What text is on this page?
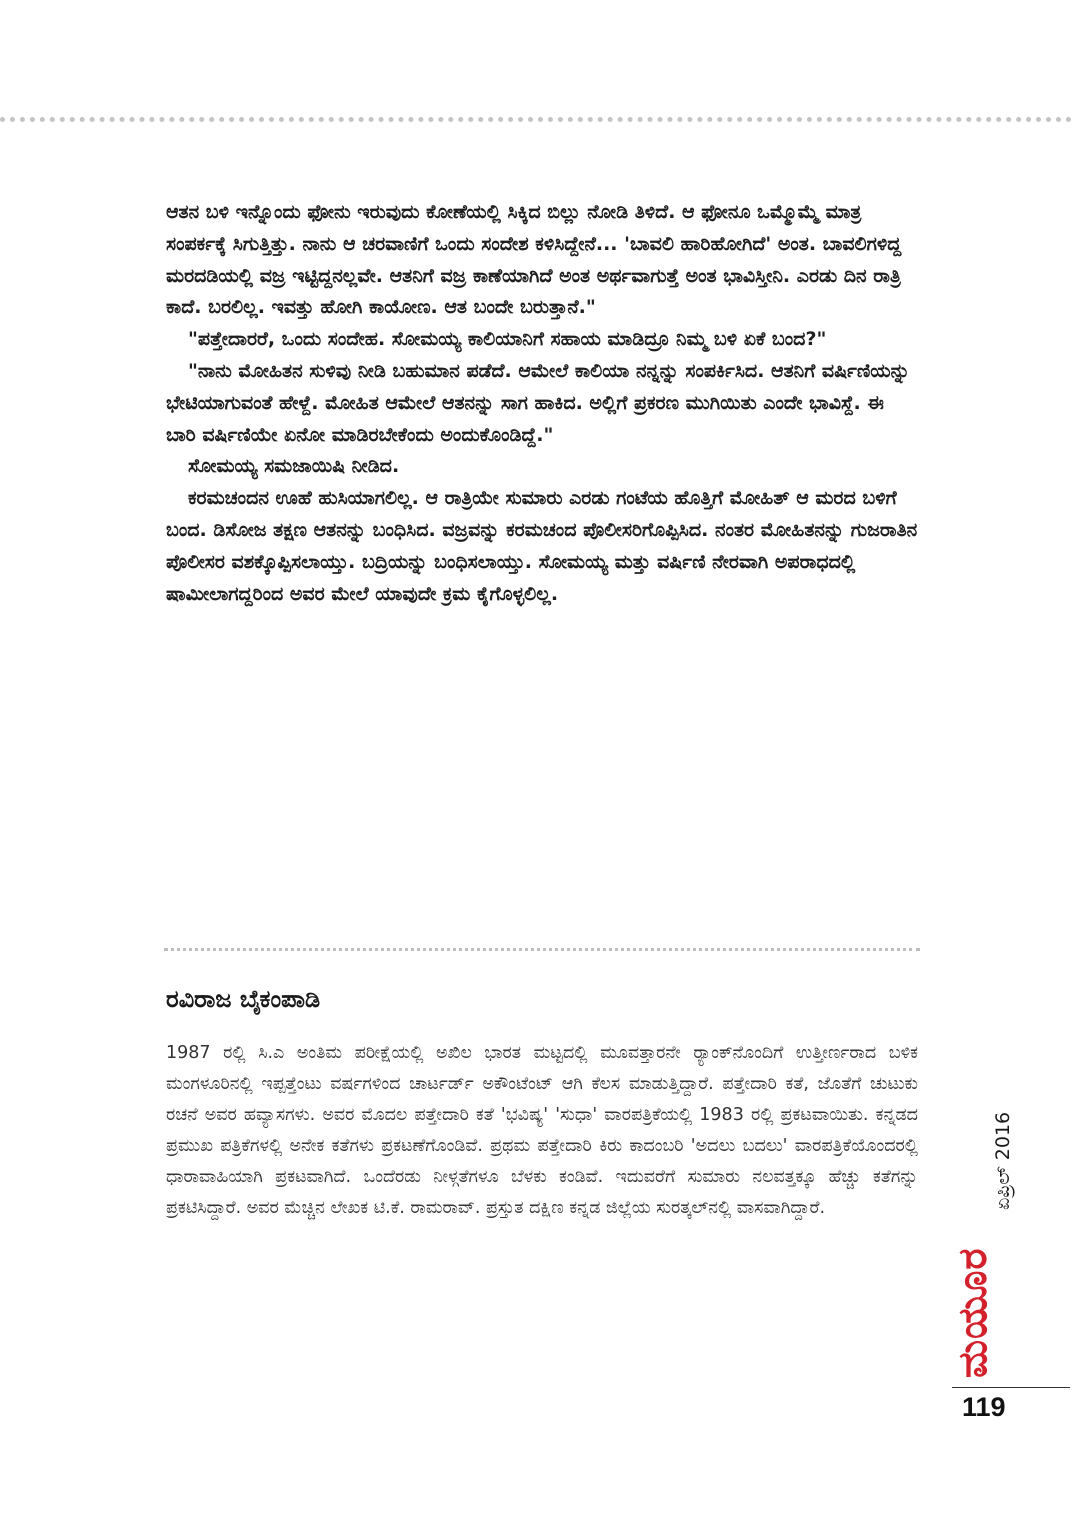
ಆತನ ಬಳಿ ಇನ್ನೊಂದು ಫೋನು ಇರುವುದು ಕೋಣೆಯಲ್ಲಿ ಸಿಕ್ಕಿದ ಬಿಲ್ಲು ನೋಡಿ ತಿಳಿದೆ. ಆ ಫೋನೂ ಒಮ್ಮೊಮ್ಮೆ ಮಾತ್ರ ಸಂಪರ್ಕಕ್ಕೆ ಸಿಗುತ್ತಿತ್ತು. ನಾನು ಆ ಚರವಾಣಿಗೆ ಒಂದು ಸಂದೇಶ ಕಳಿಸಿದ್ದೇನೆ... 'ಬಾವಲಿ ಹಾರಿಹೋಗಿದೆ' ಅಂತ. ಬಾವಲಿಗಳಿದ್ದ ಮರದಡಿಯಲ್ಲಿ ವಜ್ರ ಇಟ್ಟಿದ್ದನಲ್ಲವೇ. ಆತನಿಗೆ ವಜ್ರ ಕಾಣೆಯಾಗಿದೆ ಅಂತ ಅರ್ಥವಾಗುತ್ತೆ ಅಂತ ಭಾವಿಸ್ತೀನಿ. ಎರಡು ದಿನ ರಾತ್ರಿ ಕಾದೆ. ಬರಲಿಲ್ಲ. ಇವತ್ತು ಹೋಗಿ ಕಾಯೋಣ. ಆತ ಬಂದೇ ಬರುತ್ತಾನೆ."

"ಪತ್ತೇದಾರರೆ, ಒಂದು ಸಂದೇಹ. ಸೋಮಯ್ಯ ಕಾಲಿಯಾನಿಗೆ ಸಹಾಯ ಮಾಡಿದ್ರೂ ನಿಮ್ಮ ಬಳಿ ಏಕೆ ಬಂದ?"

"ನಾನು ಮೋಹಿತನ ಸುಳಿವು ನೀಡಿ ಬಹುಮಾನ ಪಡೆದೆ. ಆಮೇಲೆ ಕಾಲಿಯಾ ನನ್ನನ್ನು ಸಂಪರ್ಕಿಸಿದ. ಆತನಿಗೆ ವರ್ಷಿಣಿಯನ್ನು ಭೇಟಿಯಾಗುವಂತೆ ಹೇಳ್ದೆ. ಮೋಹಿತ ಆಮೇಲೆ ಆತನನ್ನು ಸಾಗ ಹಾಕಿದ. ಅಲ್ಲಿಗೆ ಪ್ರಕರಣ ಮುಗಿಯಿತು ಎಂದೇ ಭಾವಿಸ್ದೆ. ಈ ಬಾರಿ ವರ್ಷಿಣಿಯೇ ಏನೋ ಮಾಡಿರಬೇಕೆಂದು ಅಂದುಕೊಂಡಿದ್ದೆ."

ಸೋಮಯ್ಯ ಸಮಜಾಯಿಷಿ ನೀಡಿದ.

ಕರಮಚಂದನ ಊಹೆ ಹುಸಿಯಾಗಲಿಲ್ಲ. ಆ ರಾತ್ರಿಯೇ ಸುಮಾರು ಎರಡು ಗಂಟೆಯ ಹೊತ್ತಿಗೆ ಮೋಹಿತ್ ಆ ಮರದ ಬಳಿಗೆ ಬಂದ. ಡಿಸೋಜ ತಕ್ಷಣ ಆತನನ್ನು ಬಂಧಿಸಿದ. ವಜ್ರವನ್ನು ಕರಮಚಂದ ಪೊಲೀಸರಿಗೊಪ್ಪಿಸಿದ. ನಂತರ ಮೋಹಿತನನ್ನು ಗುಜರಾತಿನ ಪೊಲೀಸರ ವಶಕ್ಕೊಪ್ಪಿಸಲಾಯ್ತು. ಬದ್ರಿಯನ್ನು ಬಂಧಿಸಲಾಯ್ತು. ಸೋಮಯ್ಯ ಮತ್ತು ವರ್ಷಿಣಿ ನೇರವಾಗಿ ಅಪರಾಧದಲ್ಲಿ ಷಾಮೀಲಾಗದ್ದರಿಂದ ಅವರ ಮೇಲೆ ಯಾವುದೇ ಕ್ರಮ ಕೈಗೊಳ್ಳಲಿಲ್ಲ.

ರವಿರಾಜ ಬೈಕಂಪಾಡಿ

1987 ರಲ್ಲಿ ಸಿ.ಎ ಅಂತಿಮ ಪರೀಕ್ಷೆಯಲ್ಲಿ ಅಖಿಲ ಭಾರತ ಮಟ್ಟದಲ್ಲಿ ಮೂವತ್ತಾರನೇ ರ್‍ಯಾಂಕ್‌ನೊಂದಿಗೆ ಉತ್ತೀರ್ಣರಾದ ಬಳಿಕ ಮಂಗಳೂರಿನಲ್ಲಿ ಇಪ್ಪತ್ತೆಂಟು ವರ್ಷಗಳಿಂದ ಚಾರ್ಟರ್ಡ್ ಅಕೌಂಟೆಂಟ್ ಆಗಿ ಕೆಲಸ ಮಾಡುತ್ತಿದ್ದಾರೆ. ಪತ್ತೇದಾರಿ ಕತೆ, ಜೊತೆಗೆ ಚುಟುಕು ರಚನೆ ಅವರ ಹವ್ಯಾಸಗಳು. ಅವರ ಮೊದಲ ಪತ್ತೇದಾರಿ ಕತೆ 'ಭವಿಷ್ಯ' 'ಸುಧಾ' ವಾರಪತ್ರಿಕೆಯಲ್ಲಿ 1983 ರಲ್ಲಿ ಪ್ರಕಟವಾಯಿತು. ಕನ್ನಡದ ಪ್ರಮುಖ ಪತ್ರಿಕೆಗಳಲ್ಲಿ ಅನೇಕ ಕತೆಗಳು ಪ್ರಕಟಣೆಗೊಂಡಿವೆ. ಪ್ರಥಮ ಪತ್ತೇದಾರಿ ಕಿರು ಕಾದಂಬರಿ 'ಅದಲು ಬದಲು' ವಾರಪತ್ರಿಕೆಯೊಂದರಲ್ಲಿ ಧಾರಾವಾಹಿಯಾಗಿ ಪ್ರಕಟವಾಗಿದೆ. ಒಂದೆರಡು ನೀಳ್ಗತೆಗಳೂ ಬೆಳಕು ಕಂಡಿವೆ. ಇದುವರೆಗೆ ಸುಮಾರು ನಲವತ್ತಕ್ಕೂ ಹೆಚ್ಚು ಕತೆಗನ್ನು ಪ್ರಕಟಿಸಿದ್ದಾರೆ. ಅವರ ಮೆಚ್ಚಿನ ಲೇಖಕ ಟಿ.ಕೆ. ರಾಮರಾವ್. ಪ್ರಸ್ತುತ ದಕ್ಷಿಣ ಕನ್ನಡ ಜಿಲ್ಲೆಯ ಸುರತ್ಕಲ್‌ನಲ್ಲಿ ವಾಸವಾಗಿದ್ದಾರೆ.	ಏಪ್ರಿಲ್ 2016
ಮಯೂರ
119
